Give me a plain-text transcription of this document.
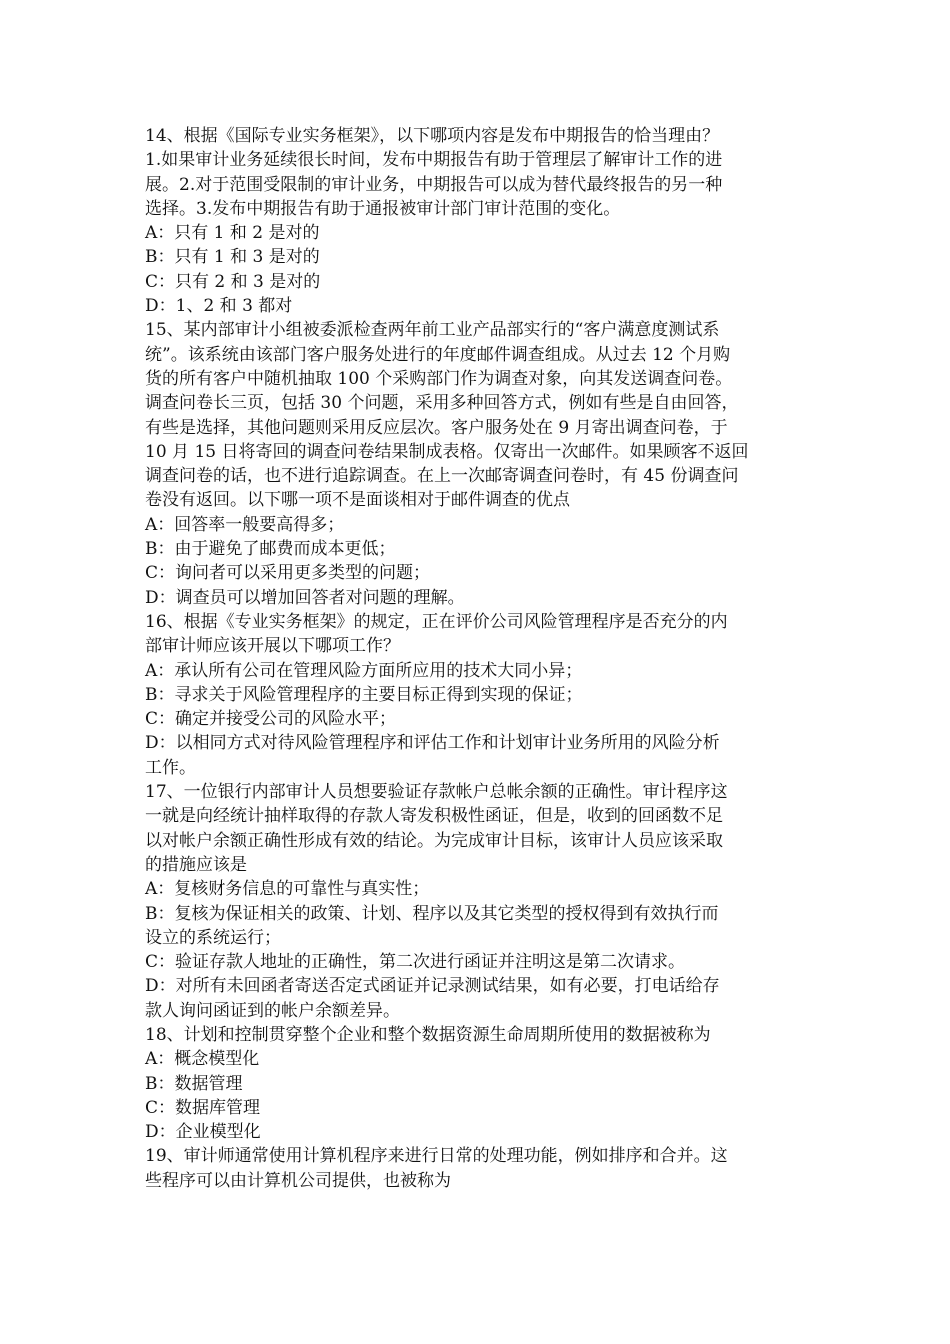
14、根据《国际专业实务框架》，以下哪项内容是发布中期报告的恰当理由？
1.如果审计业务延续很长时间，发布中期报告有助于管理层了解审计工作的进
展。2.对于范围受限制的审计业务，中期报告可以成为替代最终报告的另一种
选择。3.发布中期报告有助于通报被审计部门审计范围的变化。
A：只有 1 和 2 是对的
B：只有 1 和 3 是对的
C：只有 2 和 3 是对的
D：1、2 和 3 都对
15、某内部审计小组被委派检查两年前工业产品部实行的“客户满意度测试系
统”。该系统由该部门客户服务处进行的年度邮件调查组成。从过去 12 个月购
货的所有客户中随机抽取 100 个采购部门作为调查对象，向其发送调查问卷。
调查问卷长三页，包括 30 个问题，采用多种回答方式，例如有些是自由回答，
有些是选择，其他问题则采用反应层次。客户服务处在 9 月寄出调查问卷，于
10 月 15 日将寄回的调查问卷结果制成表格。仅寄出一次邮件。如果顾客不返回
调查问卷的话，也不进行追踪调查。在上一次邮寄调查问卷时，有 45 份调查问
卷没有返回。以下哪一项不是面谈相对于邮件调查的优点
A：回答率一般要高得多；
B：由于避免了邮费而成本更低；
C：询问者可以采用更多类型的问题；
D：调查员可以增加回答者对问题的理解。
16、根据《专业实务框架》的规定，正在评价公司风险管理程序是否充分的内
部审计师应该开展以下哪项工作？
A：承认所有公司在管理风险方面所应用的技术大同小异；
B：寻求关于风险管理程序的主要目标正得到实现的保证；
C：确定并接受公司的风险水平；
D：以相同方式对待风险管理程序和评估工作和计划审计业务所用的风险分析
工作。
17、一位银行内部审计人员想要验证存款帐户总帐余额的正确性。审计程序这
一就是向经统计抽样取得的存款人寄发积极性函证，但是，收到的回函数不足
以对帐户余额正确性形成有效的结论。为完成审计目标，该审计人员应该采取
的措施应该是
A：复核财务信息的可靠性与真实性；
B：复核为保证相关的政策、计划、程序以及其它类型的授权得到有效执行而
设立的系统运行；
C：验证存款人地址的正确性，第二次进行函证并注明这是第二次请求。
D：对所有未回函者寄送否定式函证并记录测试结果，如有必要，打电话给存
款人询问函证到的帐户余额差异。
18、计划和控制贯穿整个企业和整个数据资源生命周期所使用的数据被称为
A：概念模型化
B：数据管理
C：数据库管理
D：企业模型化
19、审计师通常使用计算机程序来进行日常的处理功能，例如排序和合并。这
些程序可以由计算机公司提供，也被称为
